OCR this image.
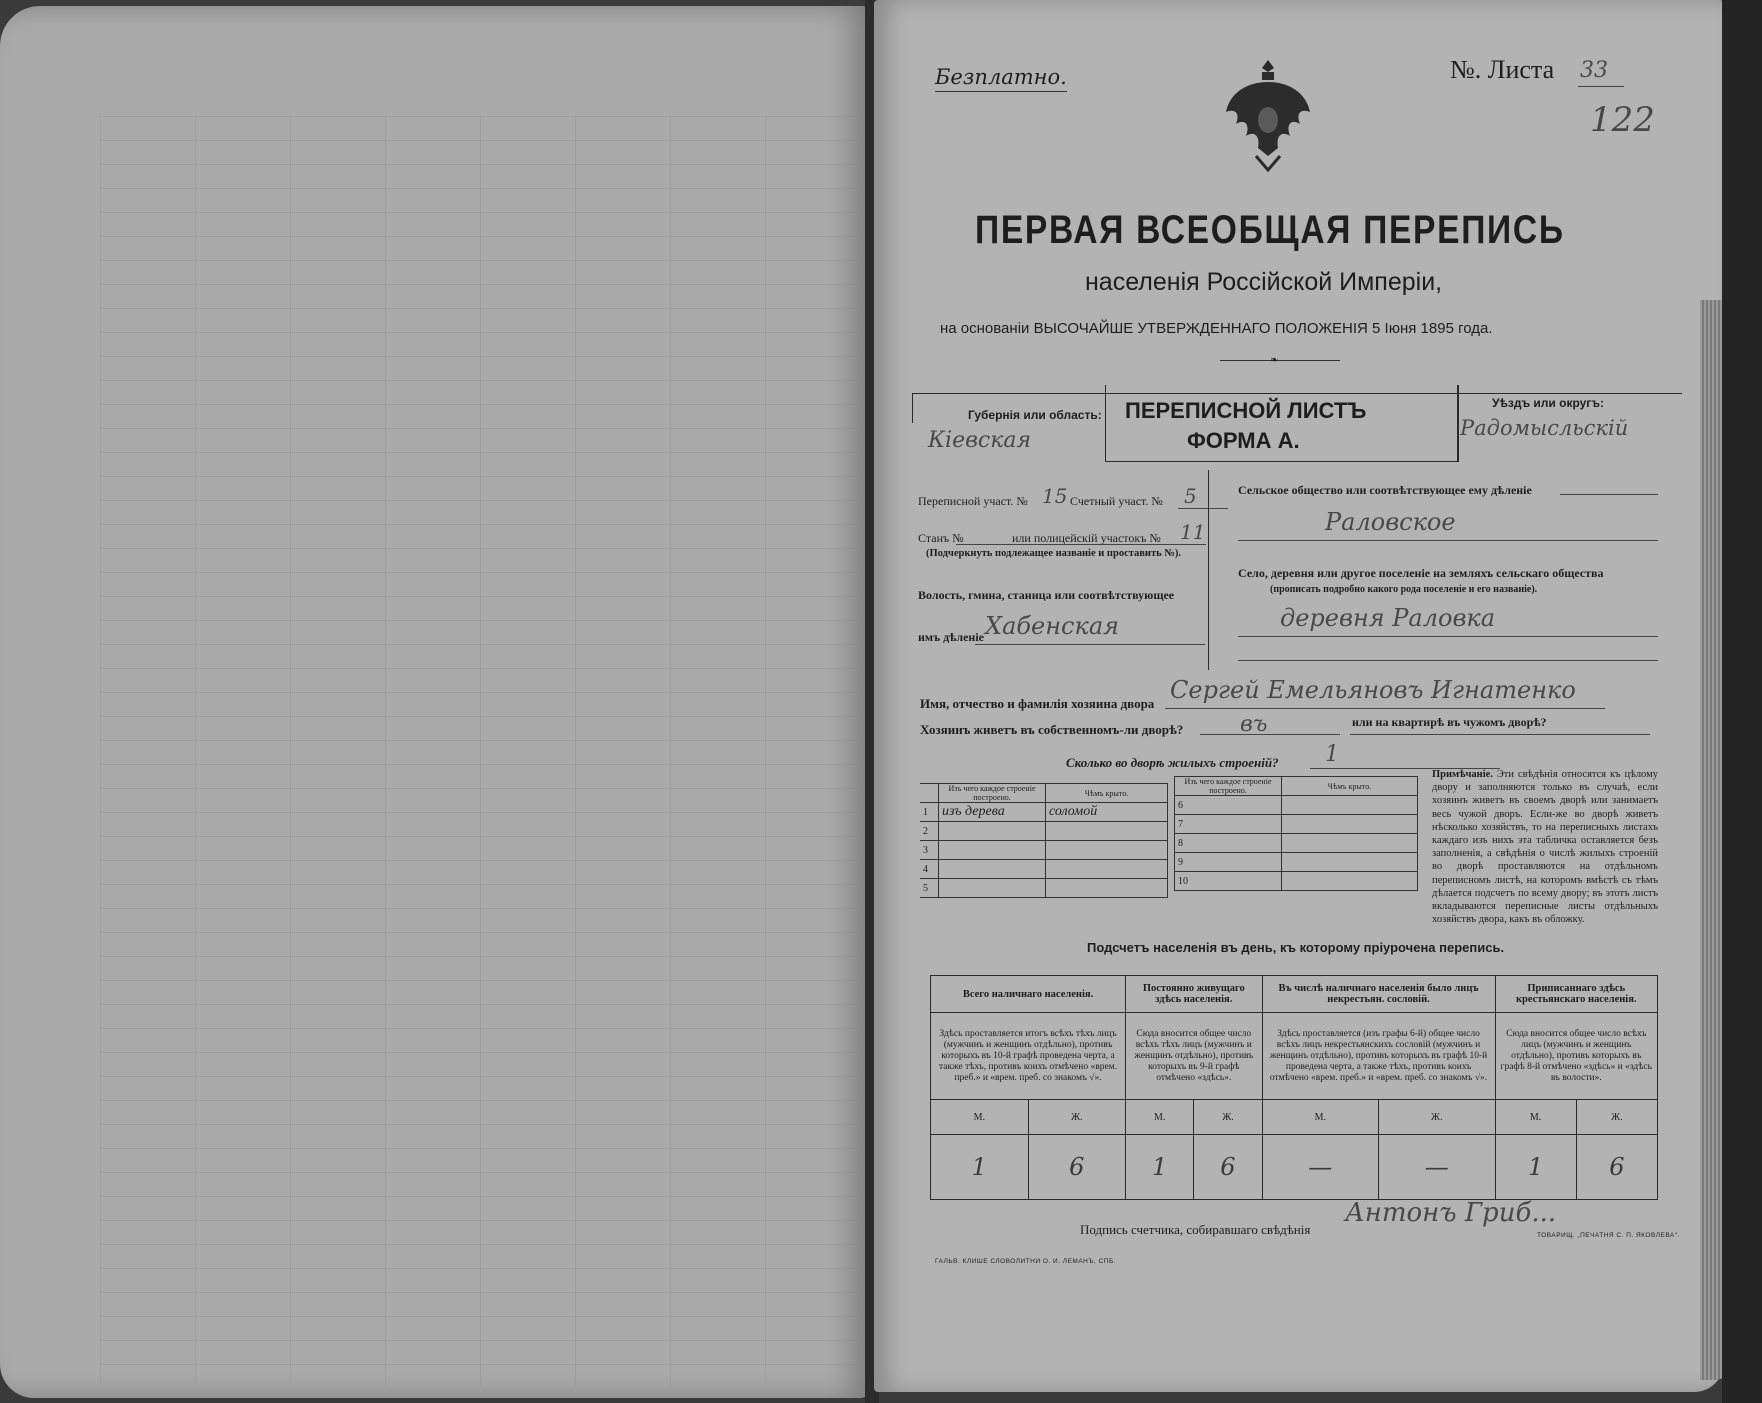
Безплатно.	№. Листа 33
122
ПЕРВАЯ ВСЕОБЩАЯ ПЕРЕПИСЬ
населенія Россійской Имперіи,
на основаніи ВЫСОЧАЙШЕ УТВЕРЖДЕННАГО ПОЛОЖЕНІЯ 5 Іюня 1895 года.
❧
Губернія или область:
Кіевская
ПЕРЕПИСНОЙ ЛИСТЪ
ФОРМА А.
Уѣздъ или округъ:
Радомысльскій
Переписной участ. № 15 Счетный участ. № 5
Станъ №	или полицейскій участокъ № 11
(Подчеркнуть подлежащее названіе и проставить №).
Волость, гмина, станица или соотвѣтствующее
имъ дѣленіе Хабенская
Сельское общество или соотвѣтствующее ему дѣленіе
Раловское
Село, деревня или другое поселеніе на земляхъ сельскаго общества
(прописать подробно какого рода поселеніе и его названіе).
деревня Раловка
Имя, отчество и фамилія хозяина двора Сергей Емельяновъ Игнатенко
Хозяинъ живетъ въ собственномъ-ли дворѣ?	въ	или на квартирѣ въ чужомъ дворѣ?
Сколько во дворѣ жилыхъ строеній? 1
	Изъ чего каждое строеніе построено.	Чѣмъ крыто.
1	изъ дерева	соломой
2		
3		
4		
5		
Изъ чего каждое строеніе построено.	Чѣмъ крыто.
6	
7	
8	
9	
10	
Примѣчаніе. Эти свѣдѣнія относятся къ цѣлому двору и заполняются только въ случаѣ, если хозяинъ живетъ въ своемъ дворѣ или занимаетъ весь чужой дворъ. Если-же во дворѣ живетъ нѣсколько хозяйствъ, то на переписныхъ листахъ каждаго изъ нихъ эта табличка оставляется безъ заполненія, а свѣдѣнія о числѣ жилыхъ строеній во дворѣ проставляются на отдѣльномъ переписномъ листѣ, на которомъ вмѣстѣ съ тѣмъ дѣлается подсчетъ по всему двору; въ этотъ листъ вкладываются переписные листы отдѣльныхъ хозяйствъ двора, какъ въ обложку.
Подсчетъ населенія въ день, къ которому пріурочена перепись.
Всего наличнаго населенія.		Постоянно живущаго здѣсь населенія.		Въ числѣ наличнаго населенія было лицъ некрестьян. сословій.		Приписаннаго здѣсь крестьянскаго населенія.	
Здѣсь проставляется итогъ всѣхъ тѣхъ лицъ (мужчинъ и женщинъ отдѣльно), противъ которыхъ въ 10-й графѣ проведена черта, а также тѣхъ, противъ коихъ отмѣчено «врем. преб.» и «врем. преб. со знакомъ √».		Сюда вносится общее число всѣхъ тѣхъ лицъ (мужчинъ и женщинъ отдѣльно), противъ которыхъ въ 9-й графѣ отмѣчено «здѣсь».		Здѣсь проставляется (изъ графы 6-й) общее число всѣхъ лицъ некрестьянскихъ сословій (мужчинъ и женщинъ отдѣльно), противъ которыхъ въ графѣ 10-й проведена черта, а также тѣхъ, противъ коихъ отмѣчено «врем. преб.» и «врем. преб. со знакомъ √».		Сюда вносится общее число всѣхъ лицъ (мужчинъ и женщинъ отдѣльно), противъ которыхъ въ графѣ 8-й отмѣчено «здѣсь» и «здѣсь въ волости».	
М.	Ж.	М.	Ж.	М.	Ж.	М.	Ж.
1	6	1	6	—	—	1	6
Подпись счетчика, собиравшаго свѣдѣнія
Антонъ Гриб...
ГАЛЬВ. КЛИШЕ СЛОВОЛИТНИ О. И. ЛЕМАНЪ, СПБ.
ТОВАРИЩ. „ПЕЧАТНЯ С. П. ЯКОВЛЕВА“.
